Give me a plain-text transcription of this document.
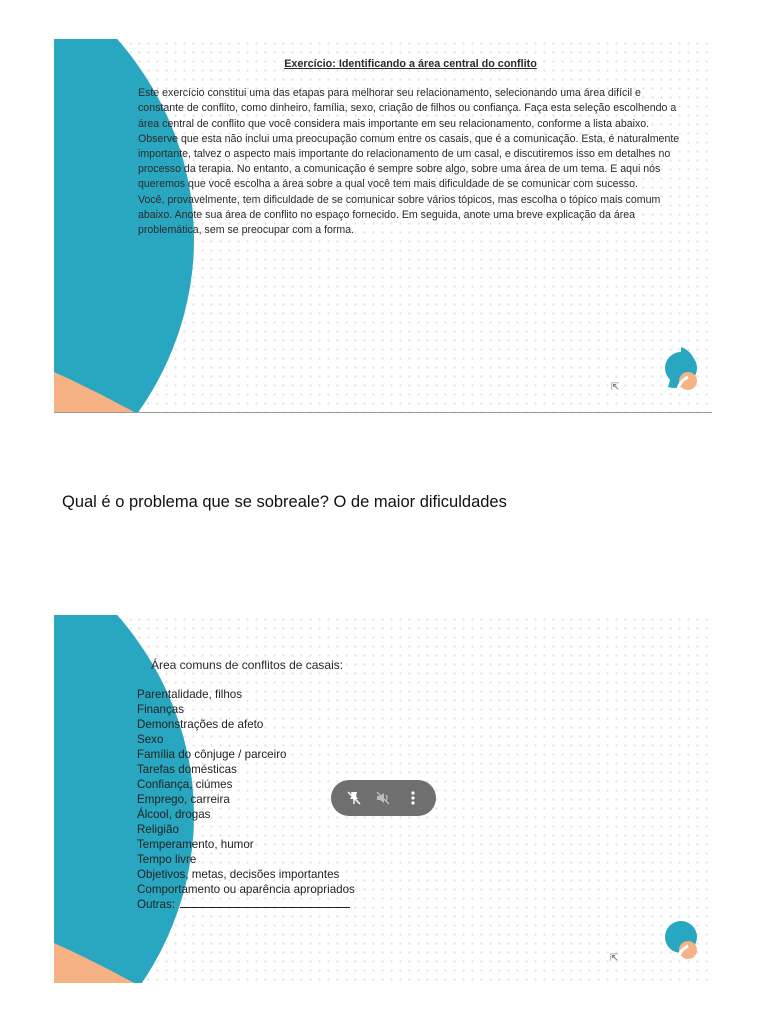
Exercício: Identificando a área central do conflito

Este exercício constitui uma das etapas para melhorar seu relacionamento, selecionando uma área difícil e constante de conflito, como dinheiro, família, sexo, criação de filhos ou confiança. Faça esta seleção escolhendo a área central de conflito que você considera mais importante em seu relacionamento, conforme a lista abaixo. Observe que esta não inclui uma preocupação comum entre os casais, que é a comunicação. Esta, é naturalmente importante, talvez o aspecto mais importante do relacionamento de um casal, e discutiremos isso em detalhes no processo da terapia. No entanto, a comunicação é sempre sobre algo, sobre uma área de um tema. E aqui nós queremos que você escolha a área sobre a qual você tem mais dificuldade de se comunicar com sucesso.

Você, provavelmente, tem dificuldade de se comunicar sobre vários tópicos, mas escolha o tópico mais comum abaixo. Anote sua área de conflito no espaço fornecido. Em seguida, anote uma breve explicação da área problemática, sem se preocupar com a forma.

⇱
Qual é o problema que se sobreale? O de maior dificuldades
Área comuns de conflitos de casais:
Parentalidade, filhos
Finanças
Demonstrações de afeto
Sexo
Família do cônjuge / parceiro
Tarefas domésticas
Confiança, ciúmes
Emprego, carreira
Álcool, drogas
Religião
Temperamento, humor
Tempo livre
Objetivos, metas, decisões importantes
Comportamento ou aparência apropriados
Outras:
⇱
